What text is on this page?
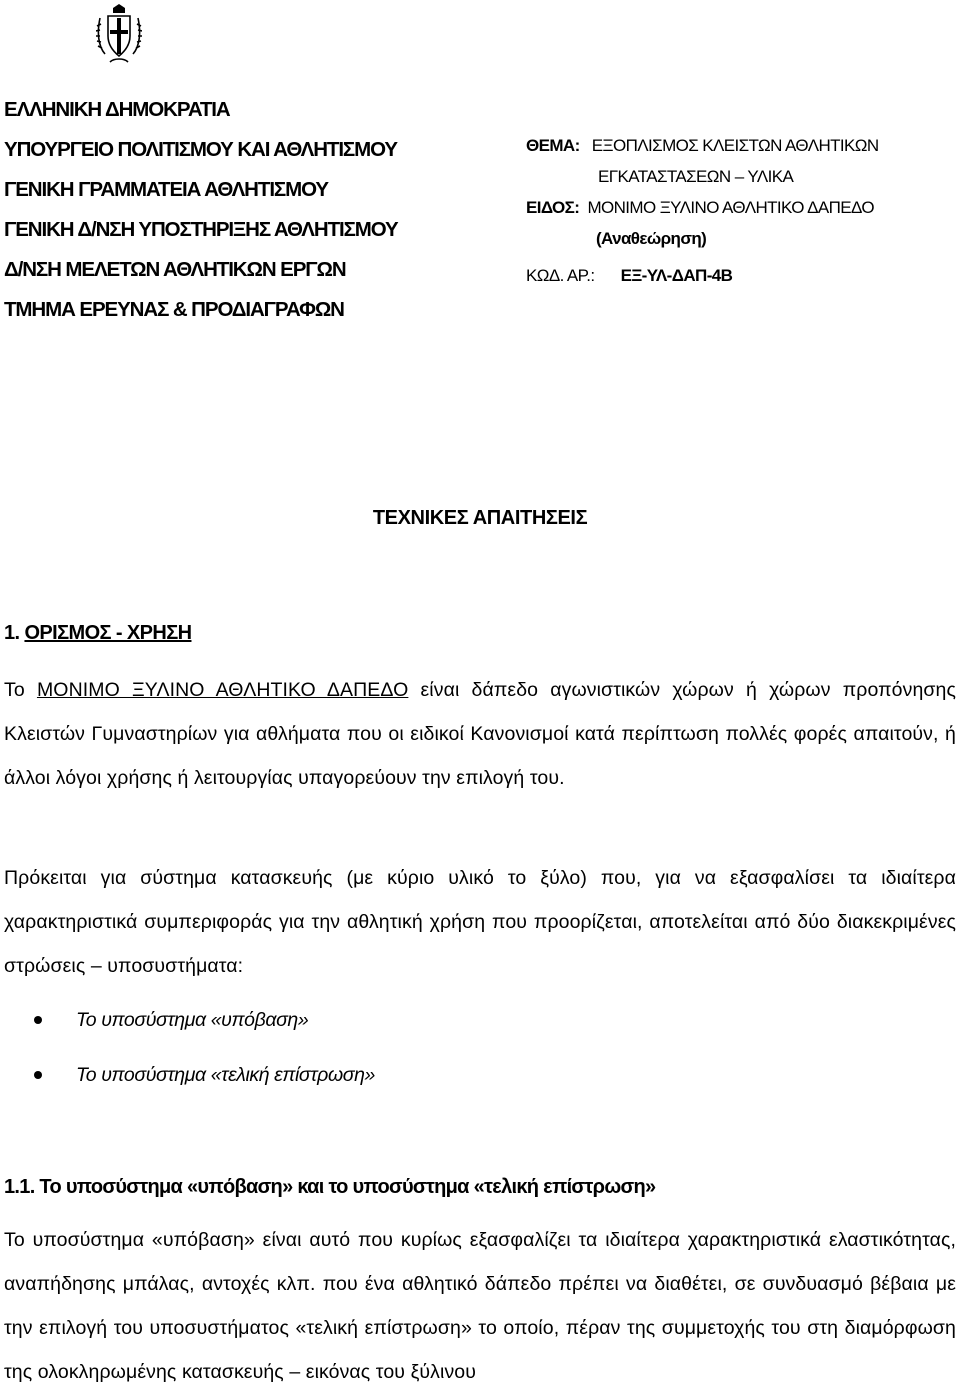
ΕΛΛΗΝΙΚΗ ΔΗΜΟΚΡΑΤΙΑ
ΥΠΟΥΡΓΕΙΟ ΠΟΛΙΤΙΣΜΟΥ ΚΑΙ ΑΘΛΗΤΙΣΜΟΥ
ΓΕΝΙΚΗ ΓΡΑΜΜΑΤΕΙΑ ΑΘΛΗΤΙΣΜΟΥ
ΓΕΝΙΚΗ Δ/ΝΣΗ ΥΠΟΣΤΗΡΙΞΗΣ ΑΘΛΗΤΙΣΜΟΥ
Δ/ΝΣΗ ΜΕΛΕΤΩΝ ΑΘΛΗΤΙΚΩΝ ΕΡΓΩΝ
ΤΜΗΜΑ ΕΡΕΥΝΑΣ & ΠΡΟΔΙΑΓΡΑΦΩΝ
ΘΕΜΑ: ΕΞΟΠΛΙΣΜΟΣ ΚΛΕΙΣΤΩΝ ΑΘΛΗΤΙΚΩΝ
ΕΓΚΑΤΑΣΤΑΣΕΩΝ – ΥΛΙΚΑ
ΕΙΔΟΣ: ΜΟΝΙΜΟ ΞΥΛΙΝΟ ΑΘΛΗΤΙΚΟ ΔΑΠΕΔΟ
(Αναθεώρηση)
ΚΩΔ. ΑΡ.: ΕΞ-ΥΛ-ΔΑΠ-4Β
ΤΕΧΝΙΚΕΣ ΑΠΑΙΤΗΣΕΙΣ
1. ΟΡΙΣΜΟΣ - ΧΡΗΣΗ
Το ΜΟΝΙΜΟ ΞΥΛΙΝΟ ΑΘΛΗΤΙΚΟ ΔΑΠΕΔΟ είναι δάπεδο αγωνιστικών χώρων ή χώρων προπόνησης Κλειστών Γυμναστηρίων για αθλήματα που οι ειδικοί Κανονισμοί κατά περίπτωση πολλές φορές απαιτούν, ή άλλοι λόγοι χρήσης ή λειτουργίας υπαγορεύουν την επιλογή του.
Πρόκειται για σύστημα κατασκευής (με κύριο υλικό το ξύλο) που, για να εξασφαλίσει τα ιδιαίτερα χαρακτηριστικά συμπεριφοράς για την αθλητική χρήση που προορίζεται, αποτελείται από δύο διακεκριμένες στρώσεις – υποσυστήματα:
Το υποσύστημα «υπόβαση»
Το υποσύστημα «τελική επίστρωση»
1.1. Το υποσύστημα «υπόβαση» και το υποσύστημα «τελική επίστρωση»
Το υποσύστημα «υπόβαση» είναι αυτό που κυρίως εξασφαλίζει τα ιδιαίτερα χαρακτηριστικά ελαστικότητας, αναπήδησης μπάλας, αντοχές κλπ. που ένα αθλητικό δάπεδο πρέπει να διαθέτει, σε συνδυασμό βέβαια με την επιλογή του υποσυστήματος «τελική επίστρωση» το οποίο, πέραν της συμμετοχής του στη διαμόρφωση της ολοκληρωμένης κατασκευής – εικόνας του ξύλινου
